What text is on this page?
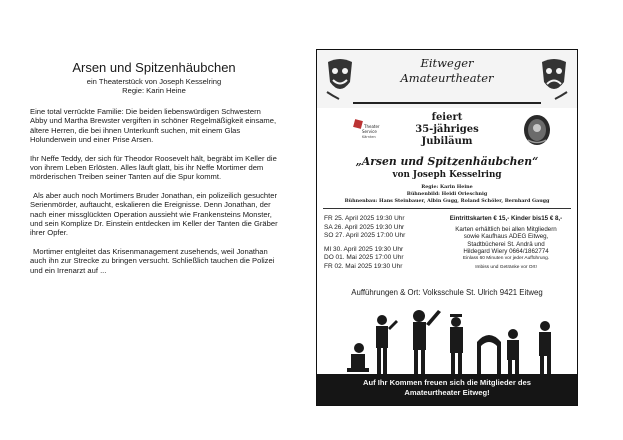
Arsen und Spitzenhäubchen
ein Theaterstück von Joseph Kesselring
Regie: Karin Heine

Eine total verrückte Familie: Die beiden liebenswürdigen Schwestern Abby und Martha Brewster vergiften in schöner Regelmäßigkeit einsame, ältere Herren, die bei ihnen Unterkunft suchen, mit einem Glas Holunderwein und einer Prise Arsen.

Ihr Neffe Teddy, der sich für Theodor Roosevelt hält, begräbt im Keller die von ihrem Leben Erlösten. Alles läuft glatt, bis ihr Neffe Mortimer dem mörderischen Treiben seiner Tanten auf die Spur kommt.

Als aber auch noch Mortimers Bruder Jonathan, ein polizeilich gesuchter Serienmörder, auftaucht, eskalieren die Ereignisse. Denn Jonathan, der nach einer missglückten Operation aussieht wie Frankensteins Monster, und sein Komplize Dr. Einstein entdecken im Keller der Tanten die Gräber ihrer Opfer.

Mortimer entgleitet das Krisenmanagement zusehends, weil Jonathan auch ihn zur Strecke zu bringen versucht. Schließlich tauchen die Polizei und ein Irrenarzt auf ...

Eitweger
Amateurtheater
Theater
Service
Kärnten
feiert
35-jähriges
Jubiläum
„Arsen und Spitzenhäubchen“
von Joseph Kesselring
Regie: Karin Heine
Bühnenbild: Heidi Orieschnig
Bühnenbau: Hans Steinbauer, Albin Gugg, Roland Schöler, Bernhard Gaugg
FR 25. April 2025 19:30 Uhr
SA 26. April 2025 19:30 Uhr
SO 27. April 2025 17:00 Uhr
MI 30. April 2025 19:30 Uhr
DO 01. Mai 2025 17:00 Uhr
FR 02. Mai 2025 19:30 Uhr
Eintrittskarten € 15,- Kinder bis15 € 8,-
Karten erhältlich bei allen Mitgliedern
sowie Kaufhaus ADEG Eitweg,
Stadtbücherei St. Andrä und
Hildegard Wiery 0664/1862774
Einlass 60 Minuten vor jeder Aufführung.
Imbiss und Getränke vor Ort!
Aufführungen & Ort: Volksschule St. Ulrich 9421 Eitweg
Auf Ihr Kommen freuen sich die Mitglieder des
Amateurtheater Eitweg!
